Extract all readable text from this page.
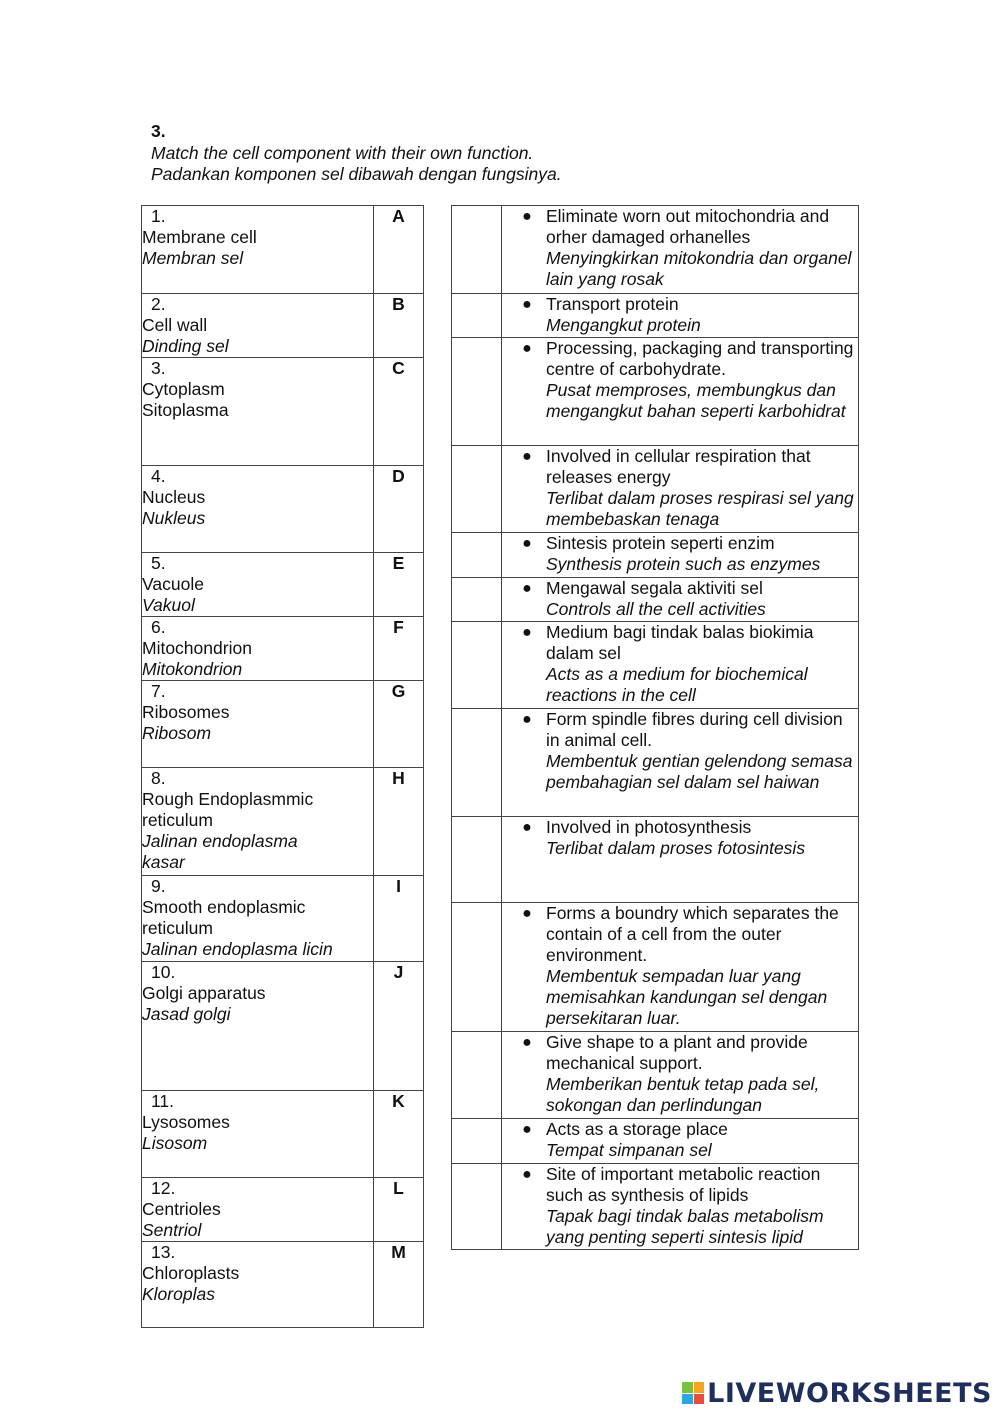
3.
Match the cell component with their own function.
Padankan komponen sel dibawah dengan fungsinya.
1.
Membrane cell
Membran sel	A
2.
Cell wall
Dinding sel	B
3.
Cytoplasm
Sitoplasma	C
4.
Nucleus
Nukleus	D
5.
Vacuole
Vakuol	E
6.
Mitochondrion
Mitokondrion	F
7.
Ribosomes
Ribosom	G
8.
Rough Endoplasmmic reticulum
Jalinan endoplasma kasar	H
9.
Smooth endoplasmic reticulum
Jalinan endoplasma licin	I
10.
Golgi apparatus
Jasad golgi	J
11.
Lysosomes
Lisosom	K
12.
Centrioles
Sentriol	L
13.
Chloroplasts
Kloroplas	M
	● Eliminate worn out mitochondria and orher damaged orhanelles
Menyingkirkan mitokondria dan organel lain yang rosak

	● Transport protein
Mengangkut protein

	● Processing, packaging and transporting centre of carbohydrate.
Pusat memproses, membungkus dan mengangkut bahan seperti karbohidrat

	● Involved in cellular respiration that releases energy
Terlibat dalam proses respirasi sel yang membebaskan tenaga

	● Sintesis protein seperti enzim
Synthesis protein such as enzymes

	● Mengawal segala aktiviti sel
Controls all the cell activities

	● Medium bagi tindak balas biokimia dalam sel
Acts as a medium for biochemical reactions in the cell

	● Form spindle fibres during cell division in animal cell.
Membentuk gentian gelendong semasa pembahagian sel dalam sel haiwan

	● Involved in photosynthesis
Terlibat dalam proses fotosintesis

	● Forms a boundry which separates the contain of a cell from the outer environment.
Membentuk sempadan luar yang memisahkan kandungan sel dengan persekitaran luar.

	● Give shape to a plant and provide mechanical support.
Memberikan bentuk tetap pada sel, sokongan dan perlindungan

	● Acts as a storage place
Tempat simpanan sel

	● Site of important metabolic reaction such as synthesis of lipids
Tapak bagi tindak balas metabolism yang penting seperti sintesis lipid
LIVEWORKSHEETS
